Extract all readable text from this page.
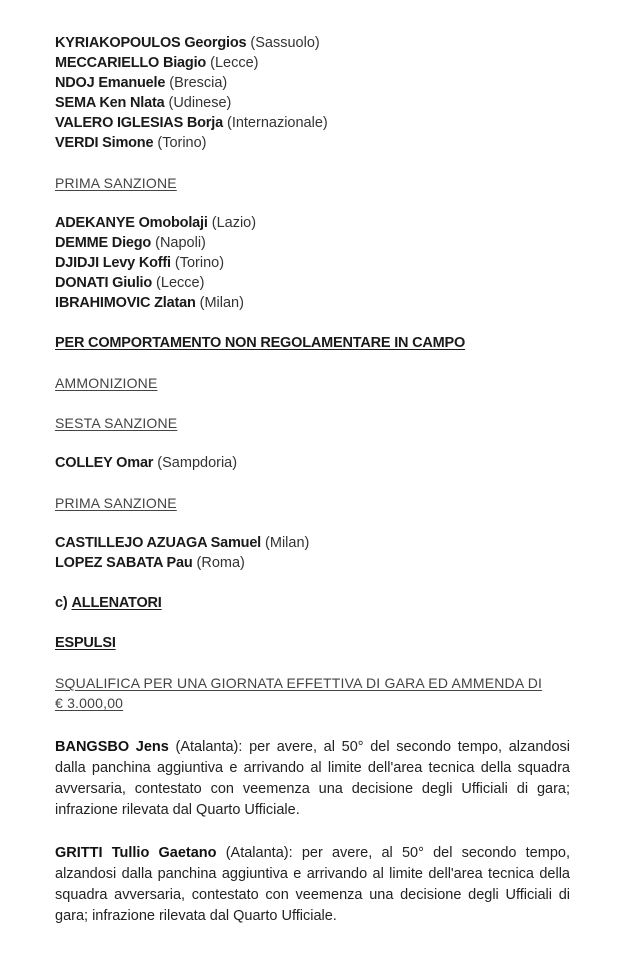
KYRIAKOPOULOS Georgios (Sassuolo)
MECCARIELLO Biagio (Lecce)
NDOJ Emanuele (Brescia)
SEMA Ken Nlata (Udinese)
VALERO IGLESIAS Borja (Internazionale)
VERDI Simone (Torino)
PRIMA SANZIONE
ADEKANYE Omobolaji (Lazio)
DEMME Diego (Napoli)
DJIDJI Levy Koffi (Torino)
DONATI Giulio (Lecce)
IBRAHIMOVIC Zlatan (Milan)
PER COMPORTAMENTO NON REGOLAMENTARE IN CAMPO
AMMONIZIONE
SESTA SANZIONE
COLLEY Omar (Sampdoria)
PRIMA SANZIONE
CASTILLEJO AZUAGA Samuel (Milan)
LOPEZ SABATA Pau (Roma)
c) ALLENATORI
ESPULSI
SQUALIFICA PER UNA GIORNATA EFFETTIVA DI GARA ED AMMENDA DI
€ 3.000,00

BANGSBO Jens (Atalanta): per avere, al 50° del secondo tempo, alzandosi dalla panchina aggiuntiva e arrivando al limite dell'area tecnica della squadra avversaria, contestato con veemenza una decisione degli Ufficiali di gara; infrazione rilevata dal Quarto Ufficiale.

GRITTI Tullio Gaetano (Atalanta): per avere, al 50° del secondo tempo, alzandosi dalla panchina aggiuntiva e arrivando al limite dell'area tecnica della squadra avversaria, contestato con veemenza una decisione degli Ufficiali di gara; infrazione rilevata dal Quarto Ufficiale.
